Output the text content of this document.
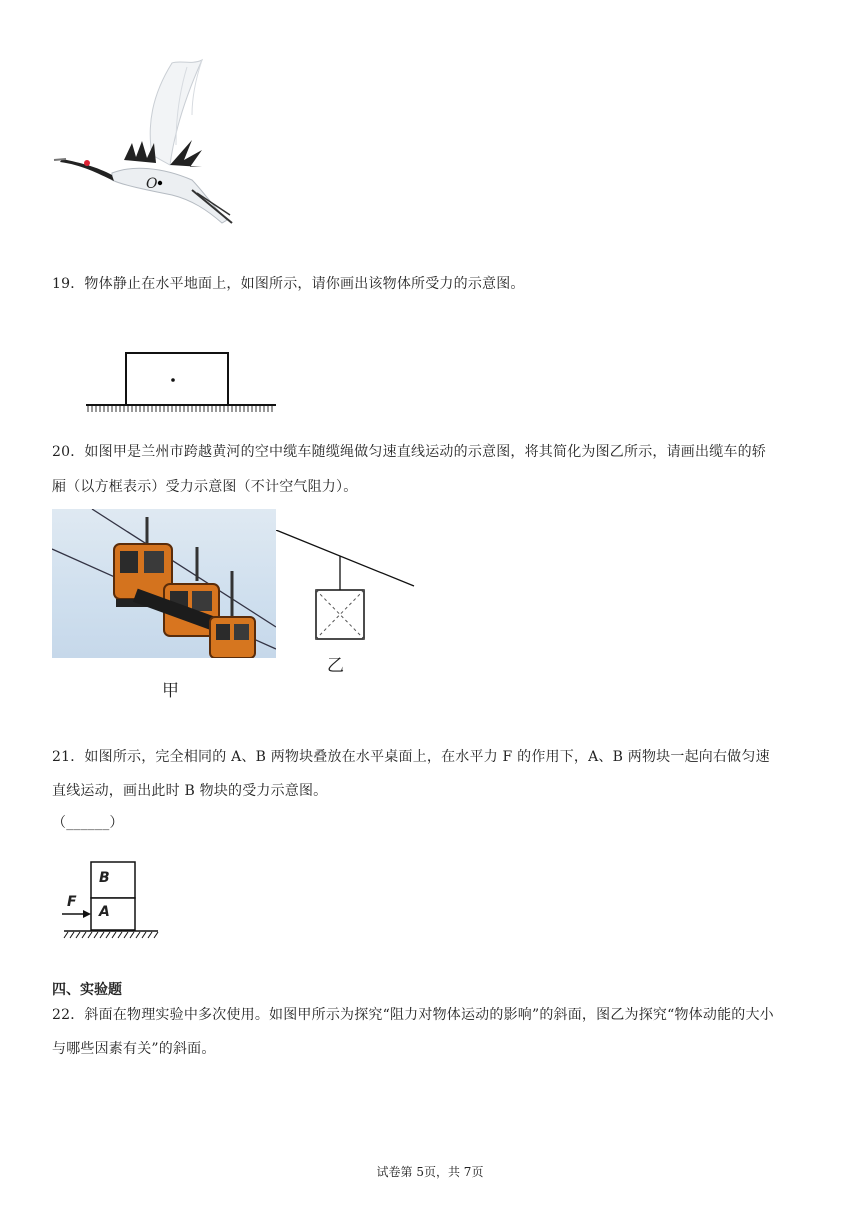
O
19．物体静止在水平地面上，如图所示，请你画出该物体所受力的示意图。
20．如图甲是兰州市跨越黄河的空中缆车随缆绳做匀速直线运动的示意图，将其简化为图乙所示，请画出缆车的轿
厢（以方框表示）受力示意图（不计空气阻力）。
甲
乙
21．如图所示，完全相同的 A、B 两物块叠放在水平桌面上，在水平力 F 的作用下，A、B 两物块一起向右做匀速
直线运动，画出此时 B 物块的受力示意图。
（______）
B
A
F
四、实验题
22．斜面在物理实验中多次使用。如图甲所示为探究“阻力对物体运动的影响”的斜面，图乙为探究“物体动能的大小
与哪些因素有关”的斜面。
试卷第 5页，共 7页
